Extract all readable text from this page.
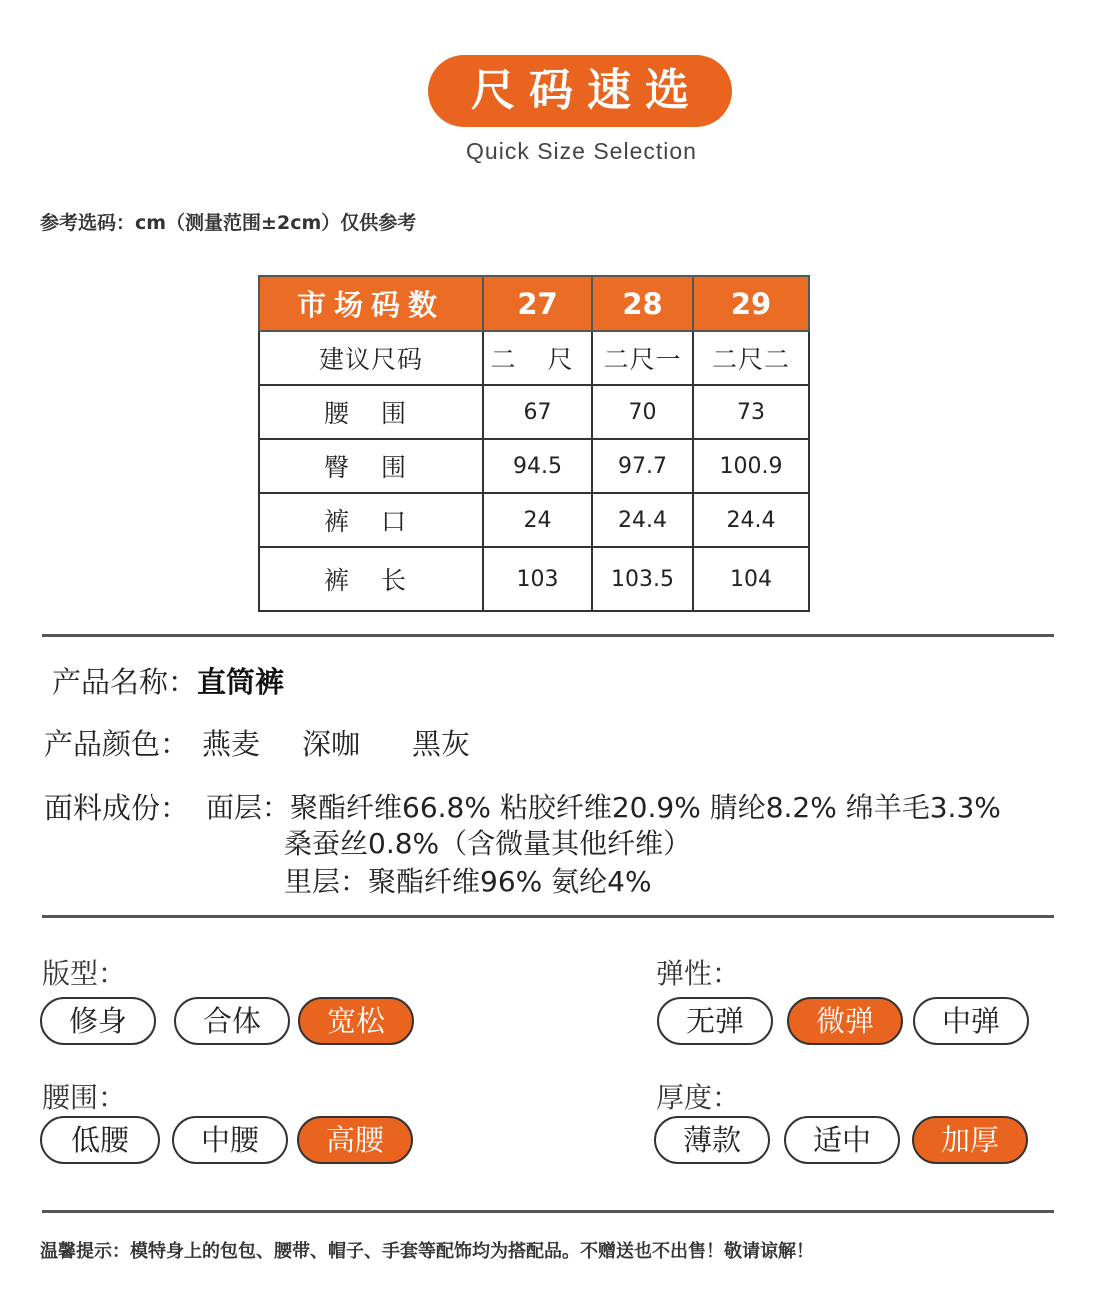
尺码速选
Quick Size Selection
参考选码：cm（测量范围±2cm）仅供参考
市场码数	27	28	29
建议尺码	二 尺	二尺一	二尺二
腰 围	67	70	73
臀 围	94.5	97.7	100.9
裤 口	24	24.4	24.4
裤 长	103	103.5	104
产品名称：直筒裤
产品颜色： 燕麦 深咖 黑灰
面料成份： 面层：聚酯纤维66.8% 粘胶纤维20.9% 腈纶8.2% 绵羊毛3.3%
桑蚕丝0.8%（含微量其他纤维）
里层：聚酯纤维96% 氨纶4%
版型：
修身	合体	宽松
弹性：
无弹	微弹	中弹
腰围：
低腰	中腰	高腰
厚度：
薄款	适中	加厚
温馨提示：模特身上的包包、腰带、帽子、手套等配饰均为搭配品。不赠送也不出售！敬请谅解！
